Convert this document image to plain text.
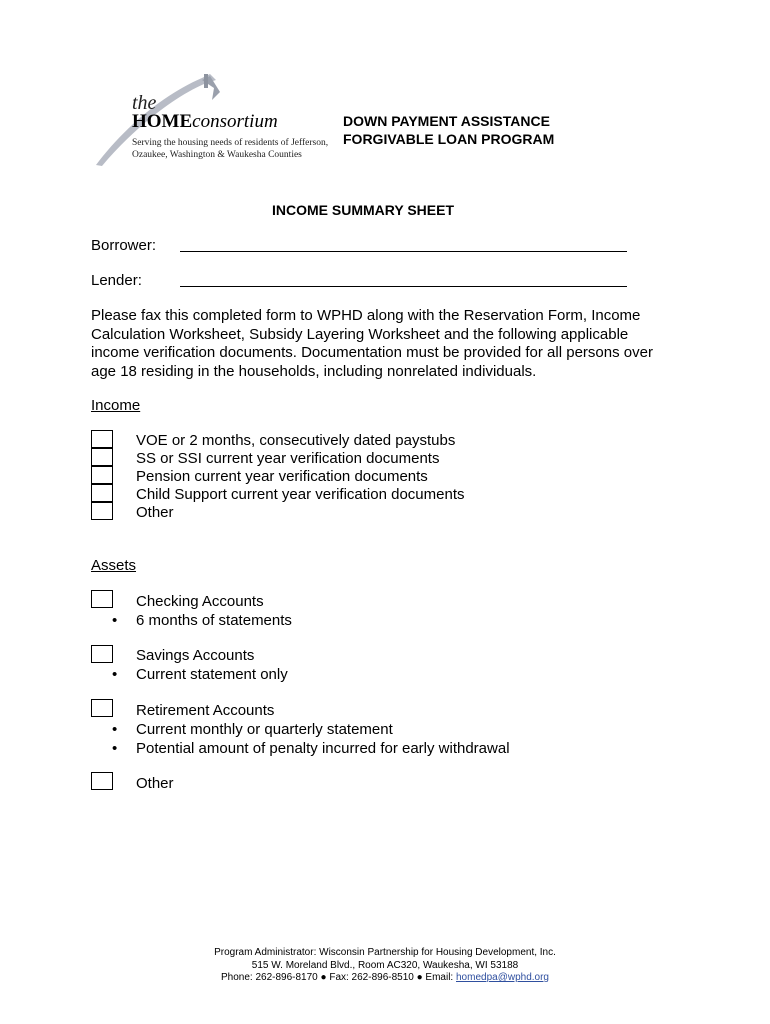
the
HOMEconsortium
Serving the housing needs of residents of Jefferson,
Ozaukee, Washington & Waukesha Counties
DOWN PAYMENT ASSISTANCE
FORGIVABLE LOAN PROGRAM
INCOME SUMMARY SHEET
Borrower:
Lender:
Please fax this completed form to WPHD along with the Reservation Form, Income Calculation Worksheet, Subsidy Layering Worksheet and the following applicable income verification documents. Documentation must be provided for all persons over age 18 residing in the households, including nonrelated individuals.
Income
VOE or 2 months, consecutively dated paystubs
SS or SSI current year verification documents
Pension current year verification documents
Child Support current year verification documents
Other
Assets
Checking Accounts
• 6 months of statements
Savings Accounts
• Current statement only
Retirement Accounts
• Current monthly or quarterly statement
• Potential amount of penalty incurred for early withdrawal
Other
Program Administrator: Wisconsin Partnership for Housing Development, Inc.
515 W. Moreland Blvd., Room AC320, Waukesha, WI 53188
Phone: 262-896-8170 ● Fax: 262-896-8510 ● Email: homedpa@wphd.org
